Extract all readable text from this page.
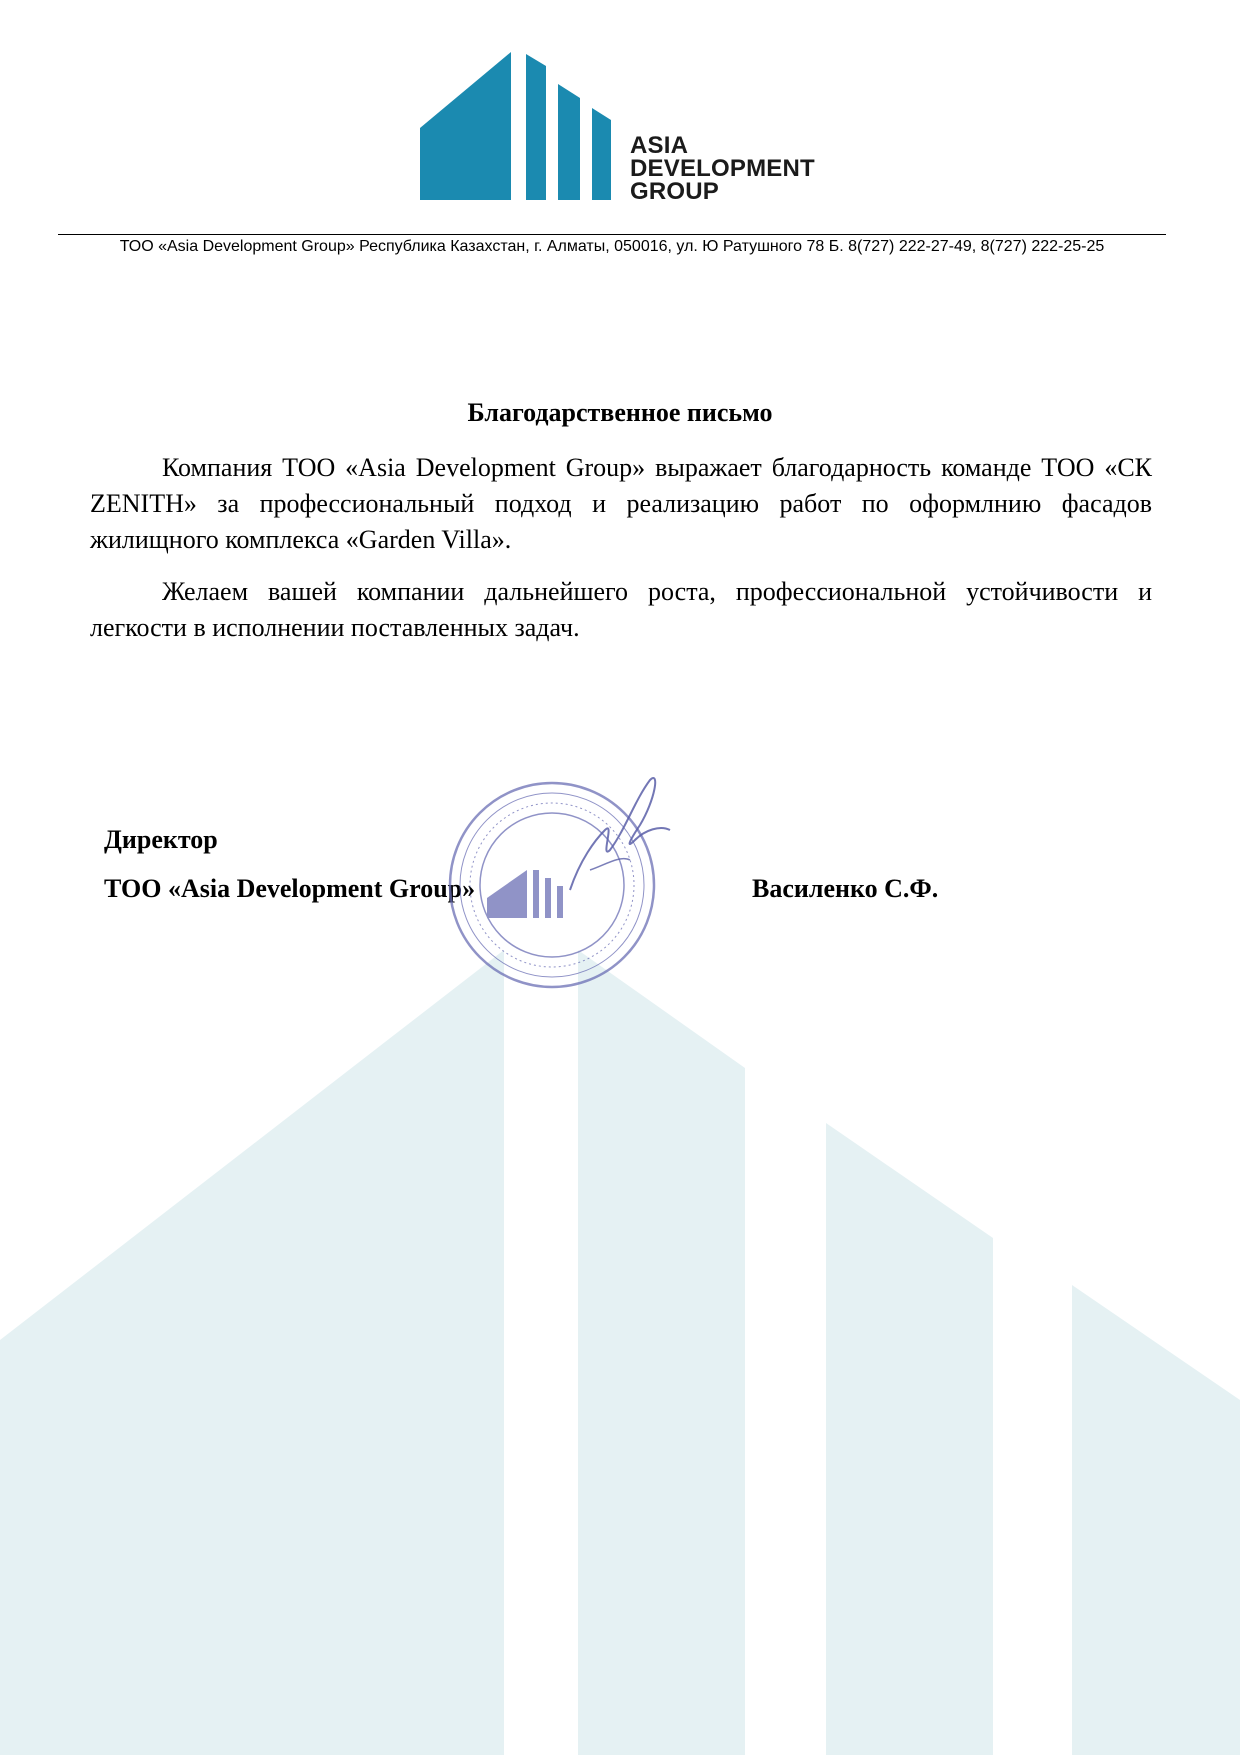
ASIA
DEVELOPMENT
GROUP
ТОО «Asia Development Group» Республика Казахстан, г. Алматы, 050016, ул. Ю Ратушного 78 Б. 8(727) 222-27-49, 8(727) 222-25-25
Благодарственное письмо
Компания ТОО «Asia Development Group» выражает благодарность команде ТОО «СК ZENITH» за профессиональный подход и реализацию работ по оформлнию фасадов жилищного комплекса «Garden Villa».
Желаем вашей компании дальнейшего роста, профессиональной устойчивости и легкости в исполнении поставленных задач.
Директор
ТОО «Asia Development Group»	Василенко С.Ф.
